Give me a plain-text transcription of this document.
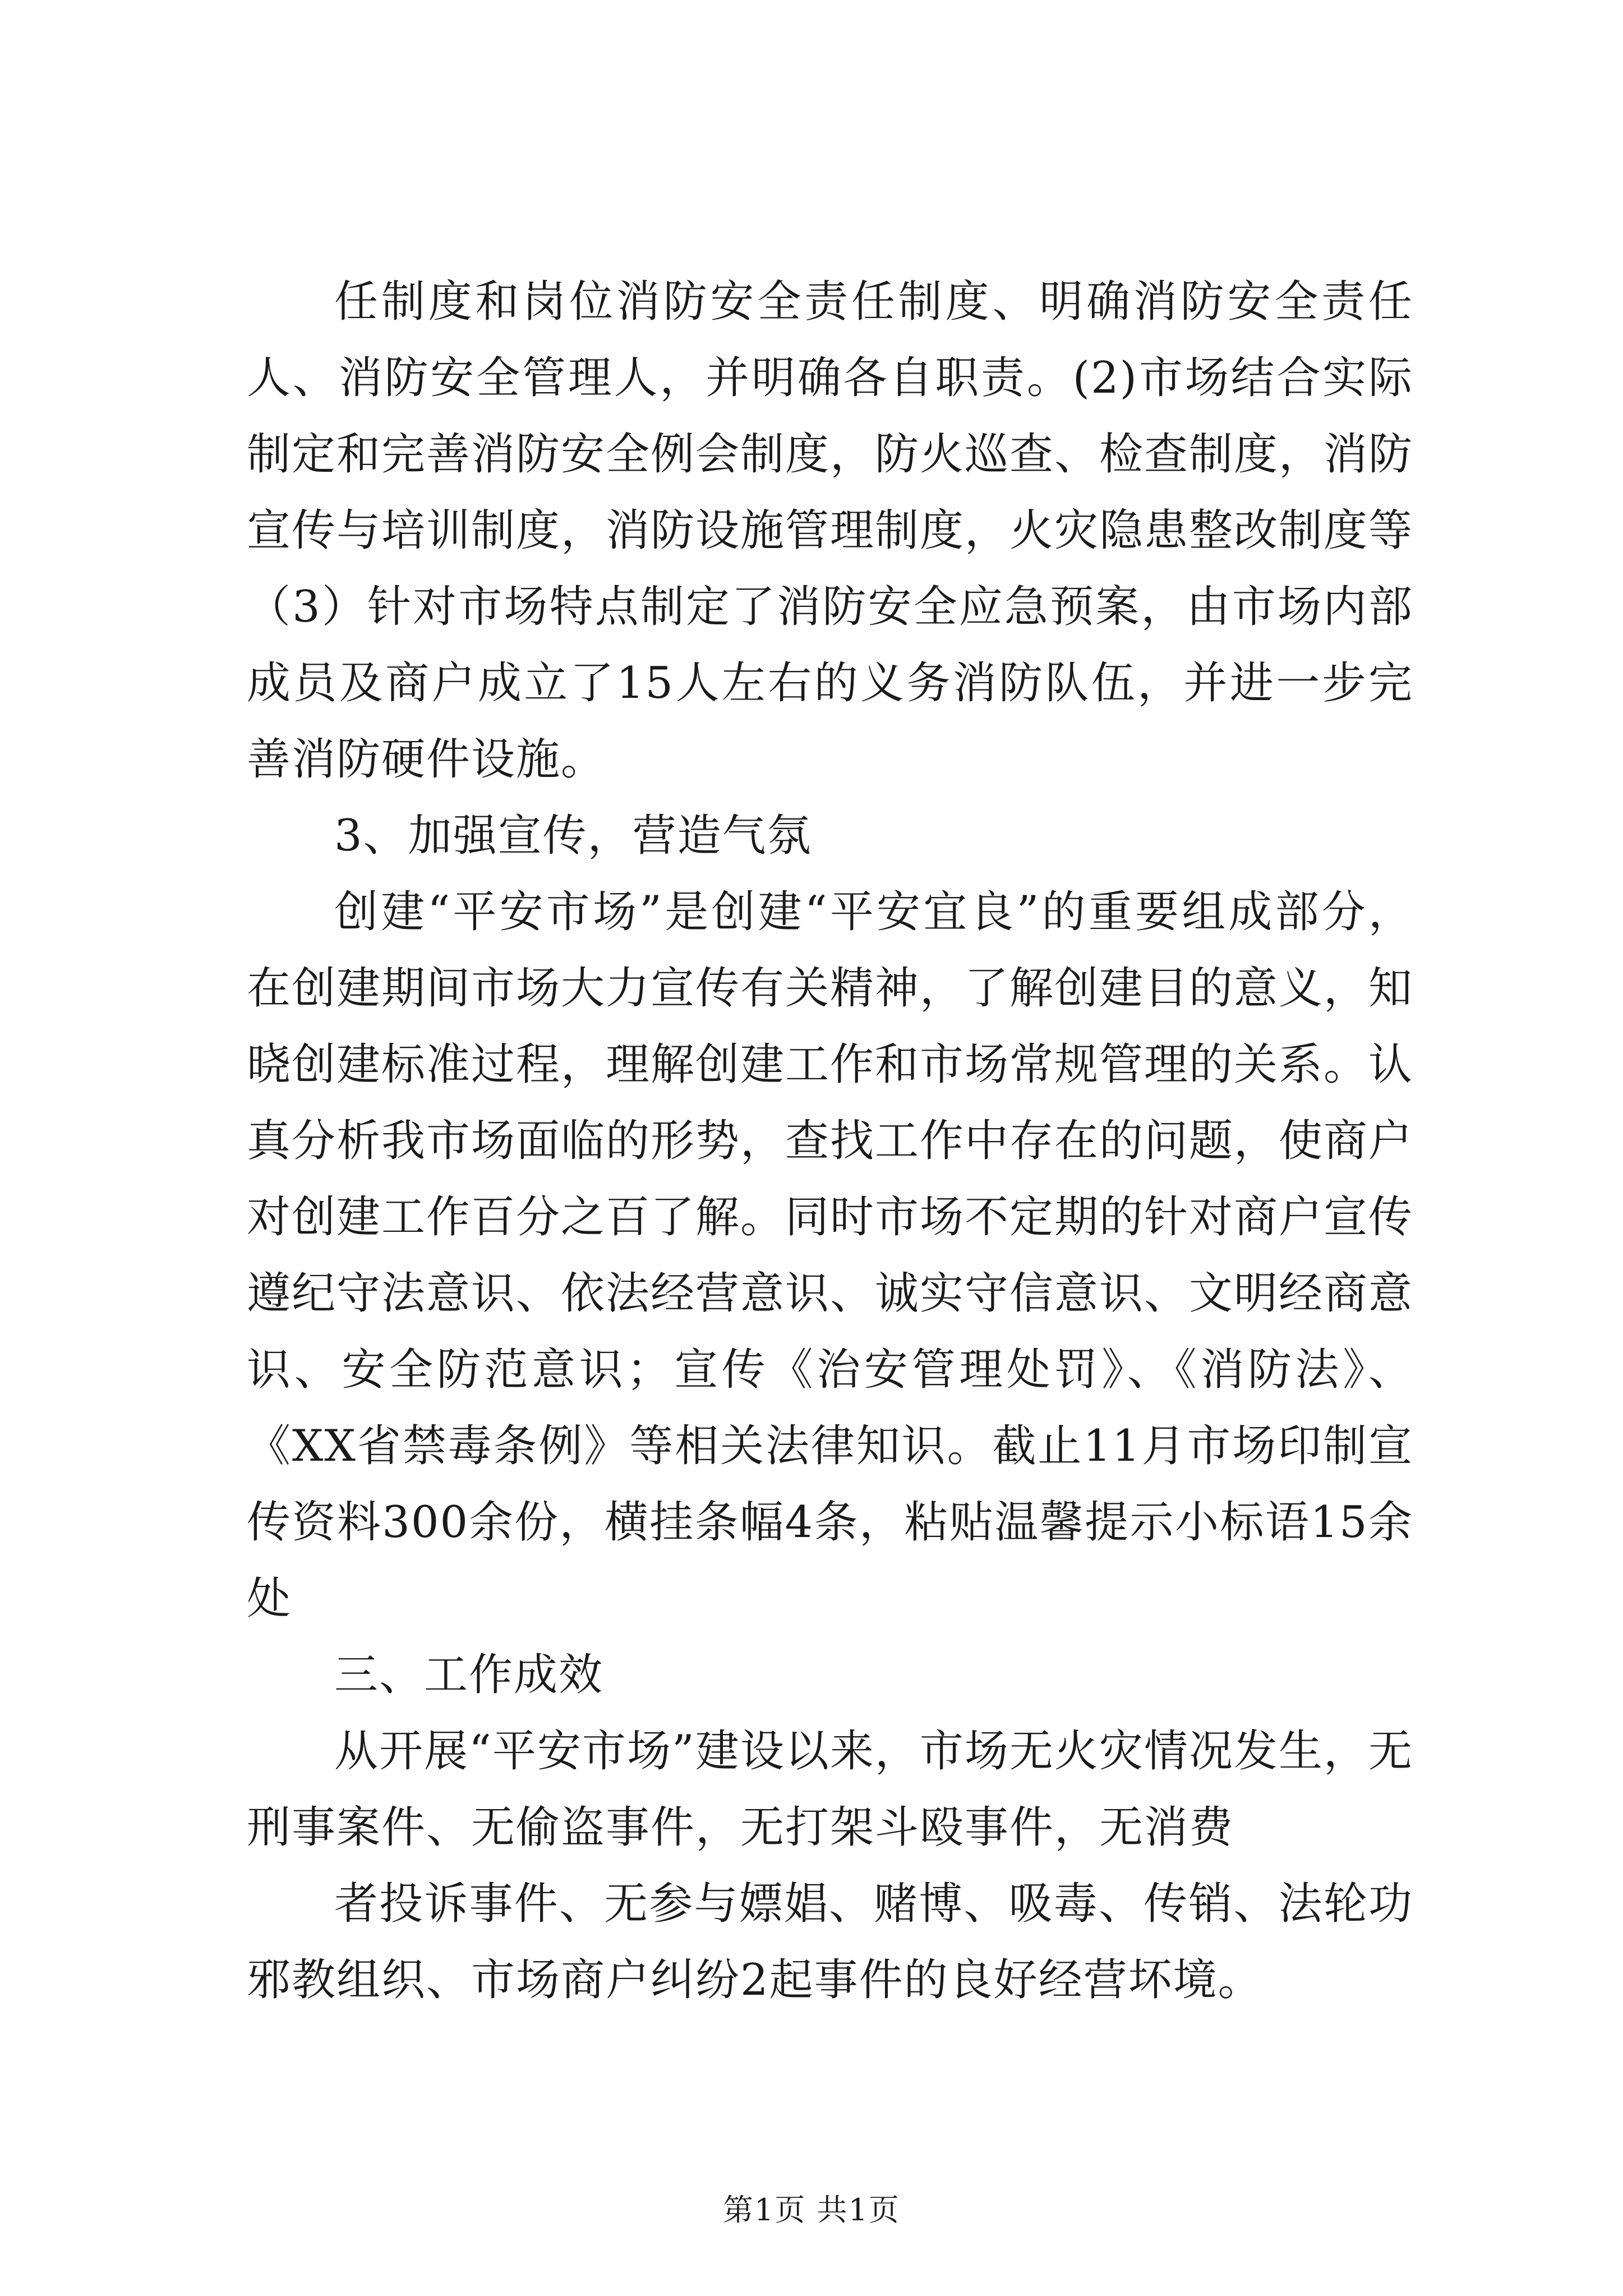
任制度和岗位消防安全责任制度、明确消防安全责任人、消防安全管理人，并明确各自职责。(2)市场结合实际制定和完善消防安全例会制度，防火巡查、检查制度，消防宣传与培训制度，消防设施管理制度，火灾隐患整改制度等（3）针对市场特点制定了消防安全应急预案，由市场内部成员及商户成立了15人左右的义务消防队伍，并进一步完善消防硬件设施。

3、加强宣传，营造气氛

创建“平安市场”是创建“平安宜良”的重要组成部分，在创建期间市场大力宣传有关精神，了解创建目的意义，知晓创建标准过程，理解创建工作和市场常规管理的关系。认真分析我市场面临的形势，查找工作中存在的问题，使商户对创建工作百分之百了解。同时市场不定期的针对商户宣传遵纪守法意识、依法经营意识、诚实守信意识、文明经商意识、安全防范意识；宣传《治安管理处罚》、《消防法》、《XX省禁毒条例》等相关法律知识。截止11月市场印制宣传资料300余份，横挂条幅4条，粘贴温馨提示小标语15余处

三、工作成效

从开展“平安市场”建设以来，市场无火灾情况发生，无刑事案件、无偷盗事件，无打架斗殴事件，无消费

者投诉事件、无参与嫖娼、赌博、吸毒、传销、法轮功邪教组织、市场商户纠纷2起事件的良好经营坏境。

第1页 共1页
